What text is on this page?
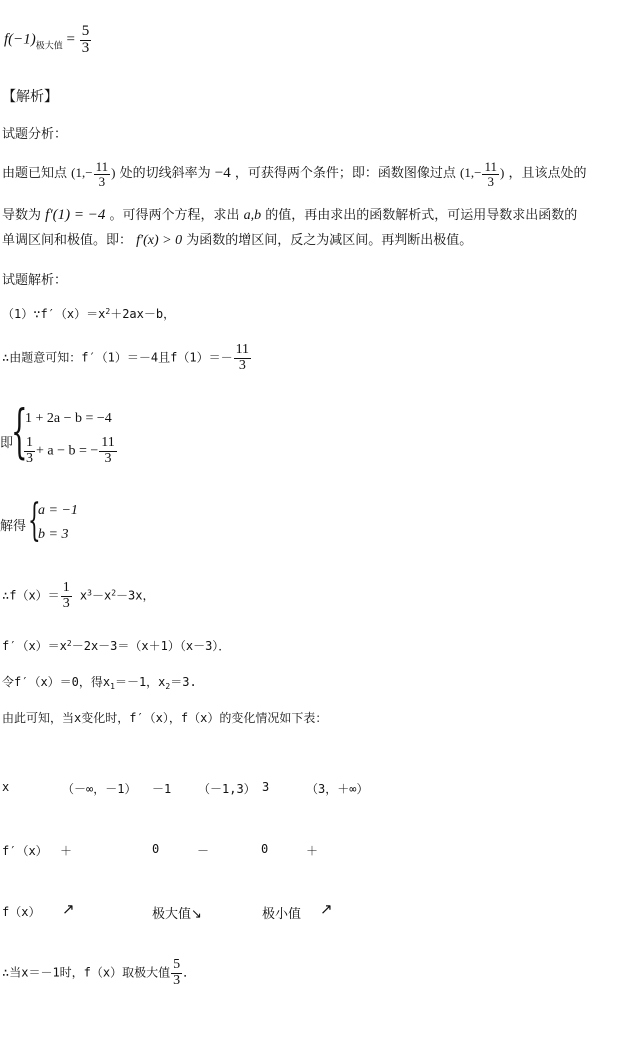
$f(-1)_{极大值} = \frac{5}{3}$
【解析】
试题分析：
由题已知点 ($1,- \frac{11}{3}$ ) 处的切线斜率为 −4 ，可获得两个条件；即：函数图像过点 ($1,- \frac{11}{3}$ ) ，且该点处的
导数为 f′(1) = −4 。可得两个方程，求出 a,b 的值，再由求出的函数解析式，可运用导数求出函数的
单调区间和极值。即： f′(x) > 0 为函数的增区间，反之为减区间。再判断出极值。
试题解析：
$(1)\because f'(x)=x^2+2ax-b$，
∴由题意可知：f′（1）＝－4且$f(1)=- \frac{11}{3}$
即
{
1 + 2a − b = −4
$\frac{1}{3} + a - b$ = − $\frac{11}{3}$
解得 {
a = −1
b = 3
∴f（x）＝ $\frac{1}{3} x^3-x^2-3x$，
$f'(x)=x^2-2x-3=(x+1)(x-3)$．
令f′（x）＝0，得$x_1=-1$，$x_2=3$.
由此可知，当x变化时，f′（x），f（x）的变化情况如下表：
x	（－∞，－1） －1 （－1,3） 3	（3，＋∞）
f′（x） ＋	0	－	0	＋
f（x） ↗	极大值↘	极小值 ↗
∴当x＝－1时，f（x）取极大值 $\frac{5}{3}$ ．
